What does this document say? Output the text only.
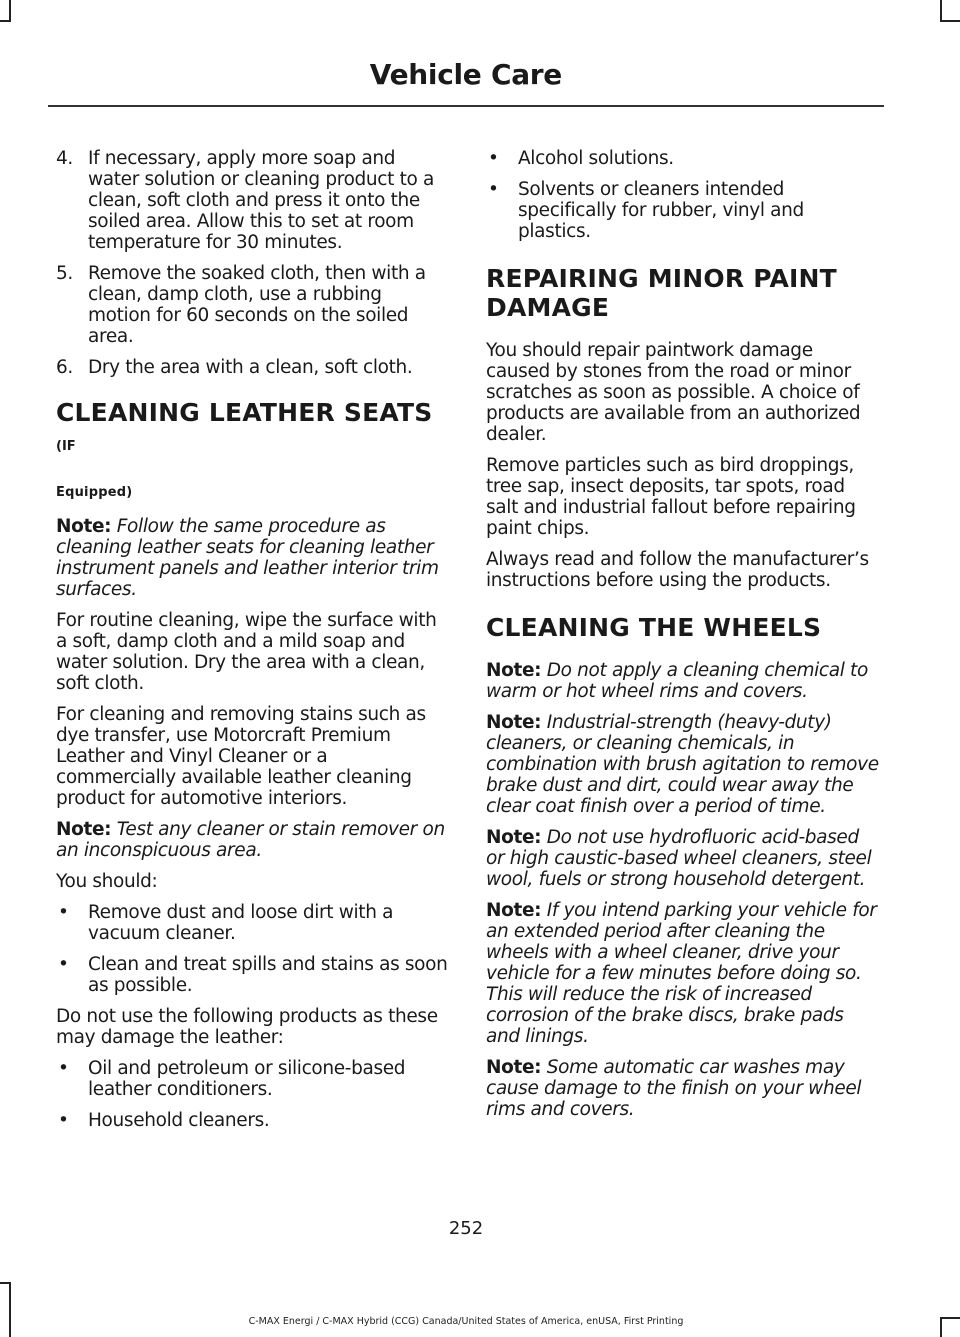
Vehicle Care
4. If necessary, apply more soap and water solution or cleaning product to a clean, soft cloth and press it onto the soiled area. Allow this to set at room temperature for 30 minutes.
5. Remove the soaked cloth, then with a clean, damp cloth, use a rubbing motion for 60 seconds on the soiled area.
6. Dry the area with a clean, soft cloth.
CLEANING LEATHER SEATS (IF
Equipped)

Note: Follow the same procedure as cleaning leather seats for cleaning leather instrument panels and leather interior trim surfaces.

For routine cleaning, wipe the surface with a soft, damp cloth and a mild soap and water solution. Dry the area with a clean, soft cloth.

For cleaning and removing stains such as dye transfer, use Motorcraft Premium Leather and Vinyl Cleaner or a commercially available leather cleaning product for automotive interiors.

Note: Test any cleaner or stain remover on an inconspicuous area.

You should:

•	Remove dust and loose dirt with a vacuum cleaner.
•	Clean and treat spills and stains as soon as possible.

Do not use the following products as these may damage the leather:

•	Oil and petroleum or silicone-based leather conditioners.
•	Household cleaners.
•	Alcohol solutions.
•	Solvents or cleaners intended specifically for rubber, vinyl and plastics.
REPAIRING MINOR PAINT
DAMAGE

You should repair paintwork damage caused by stones from the road or minor scratches as soon as possible. A choice of products are available from an authorized dealer.

Remove particles such as bird droppings, tree sap, insect deposits, tar spots, road salt and industrial fallout before repairing paint chips.

Always read and follow the manufacturer’s instructions before using the products.

CLEANING THE WHEELS

Note: Do not apply a cleaning chemical to warm or hot wheel rims and covers.

Note: Industrial-strength (heavy-duty) cleaners, or cleaning chemicals, in combination with brush agitation to remove brake dust and dirt, could wear away the clear coat finish over a period of time.

Note: Do not use hydrofluoric acid-based or high caustic-based wheel cleaners, steel wool, fuels or strong household detergent.

Note: If you intend parking your vehicle for an extended period after cleaning the wheels with a wheel cleaner, drive your vehicle for a few minutes before doing so. This will reduce the risk of increased corrosion of the brake discs, brake pads and linings.

Note: Some automatic car washes may cause damage to the finish on your wheel rims and covers.

252
C-MAX Energi / C-MAX Hybrid (CCG) Canada/United States of America, enUSA, First Printing
